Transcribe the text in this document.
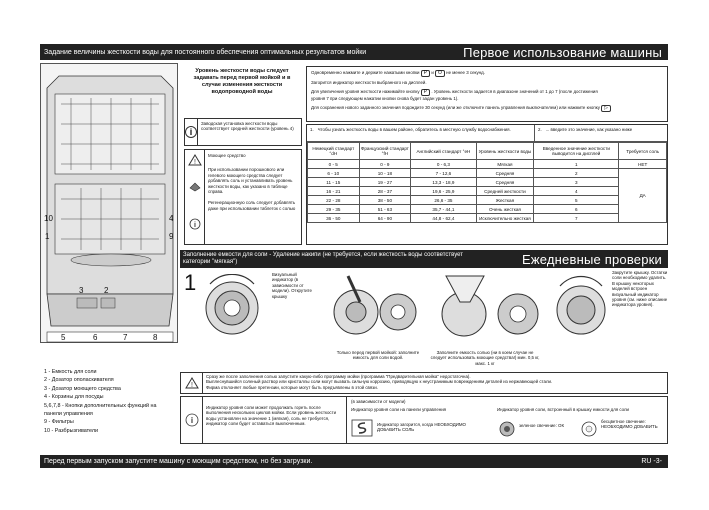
Задание величины жесткости воды для постоянного обеспечения оптимальных результатов мойки	Первое использование машины
10
1
4
9
3	2
5	6	7	8
1 - Емкость для соли
2 - Дозатор ополаскивателя
3 - Дозатор моющего средства
4 - Корзины для посуды
5,6,7,8 - Кнопки дополнительных функций на
панели управления
9 - Фильтры
10 - Разбрызгиватели
Уровень жесткости воды следует задавать перед первой мойкой и в случае изменения жесткости водопроводной воды
i
Заводская установка жесткости воды соответствует средней жесткости (уровень 4)
!
i
Моющее средство
При использовании порошкового или гелевого моющего средства следует добавлять соль и устанавливать уровень жесткости воды, как указано в таблице справа.
Регенерационную соль следует добавлять даже при использовании таблеток с солью
Одновременно нажмите и держите нажатыми кнопки P и ʘ не менее 3 секунд.
Загорится индикатор жесткости выбранного на дисплей.
Для увеличения уровня жесткости нажимайте кнопку P . Уровень жесткости задается в диапазоне значений от 1 до 7 (после достижения
уровня 7 при следующем нажатии кнопки снова будет задан уровень 1).
Для сохранения нового заданного значения подождите 30 секунд (или же отключите панель управления выключателем) или нажмите кнопку ▷
1. Чтобы узнать жесткость воды в вашем районе, обратитесь в местную службу водоснабжения.	2. ... введите это значение, как указано ниже
Немецкий стандарт °dH	Французский стандарт °fH	Английский стандарт °eH	Уровень жесткости воды	Введенное значение жесткости выводится на дисплей	Требуется соль
0 - 5	0 - 9	0 - 6,3	Мягкая	1	НЕТ
6 - 10	10 - 18	7 - 12,6	Средняя	2	ДА
11 - 15	19 - 27	13,3 - 18,9	Средняя	3	
16 - 21	28 - 37	19,6 - 25,9	Средней жесткости	4	
22 - 28	38 - 50	26,6 - 35	Жесткая	5	
29 - 35	51 - 63	35,7 - 44,1	Очень жесткая	6	
36 - 50	64 - 90	44,8 - 62,4	Исключительно жесткая	7	
Заполнение емкости для соли - Удаление накипи (не требуется, если жесткость воды соответствует категории "мягкая")	Ежедневные проверки
1	Визуальный индикатор (в зависимости от модели). Открутите крышку
Только перед первой мойкой: заполните емкость для соли водой.
Заполните емкость солью (ни в коем случае не следует использовать моющие средства!) мин. 0,5 кг, макс. 1 кг
Закрутите крышку. Остатки соли необходимо удалить. В крышку некоторых моделей встроен визуальный индикатор уровня (см. ниже описание индикатора уровня).
!
Сразу же после заполнения солью запустите какую-либо программу мойки (программа "Предварительная мойка" недостаточна).
Выплеснувшийся соленый раствор или кристаллы соли могут вызвать сильную коррозию, приводящую к неустранимым повреждениям деталей из нержавеющей стали.
Фирма отклоняет любые претензии, которые могут быть предъявлены в этой связи.
i
Индикатор уровня соли может продолжать гореть после выполнения нескольких циклов мойки. Если уровень жесткости воды установлен на значение 1 (мягкая), соль не требуется, индикатор соли будет оставаться выключенным.
(в зависимости от модели)
Индикатор уровня соли на панели управления	Индикатор уровня соли, встроенный в крышку емкости для соли
Индикатор загорится, когда НЕОБХОДИМО ДОБАВИТЬ СОЛЬ
зеленое свечение: ОК
бесцветное свечение: НЕОБХОДИМО ДОБАВИТЬ
Перед первым запуском запустите машину с моющим средством, но без загрузки.	RU -3-
